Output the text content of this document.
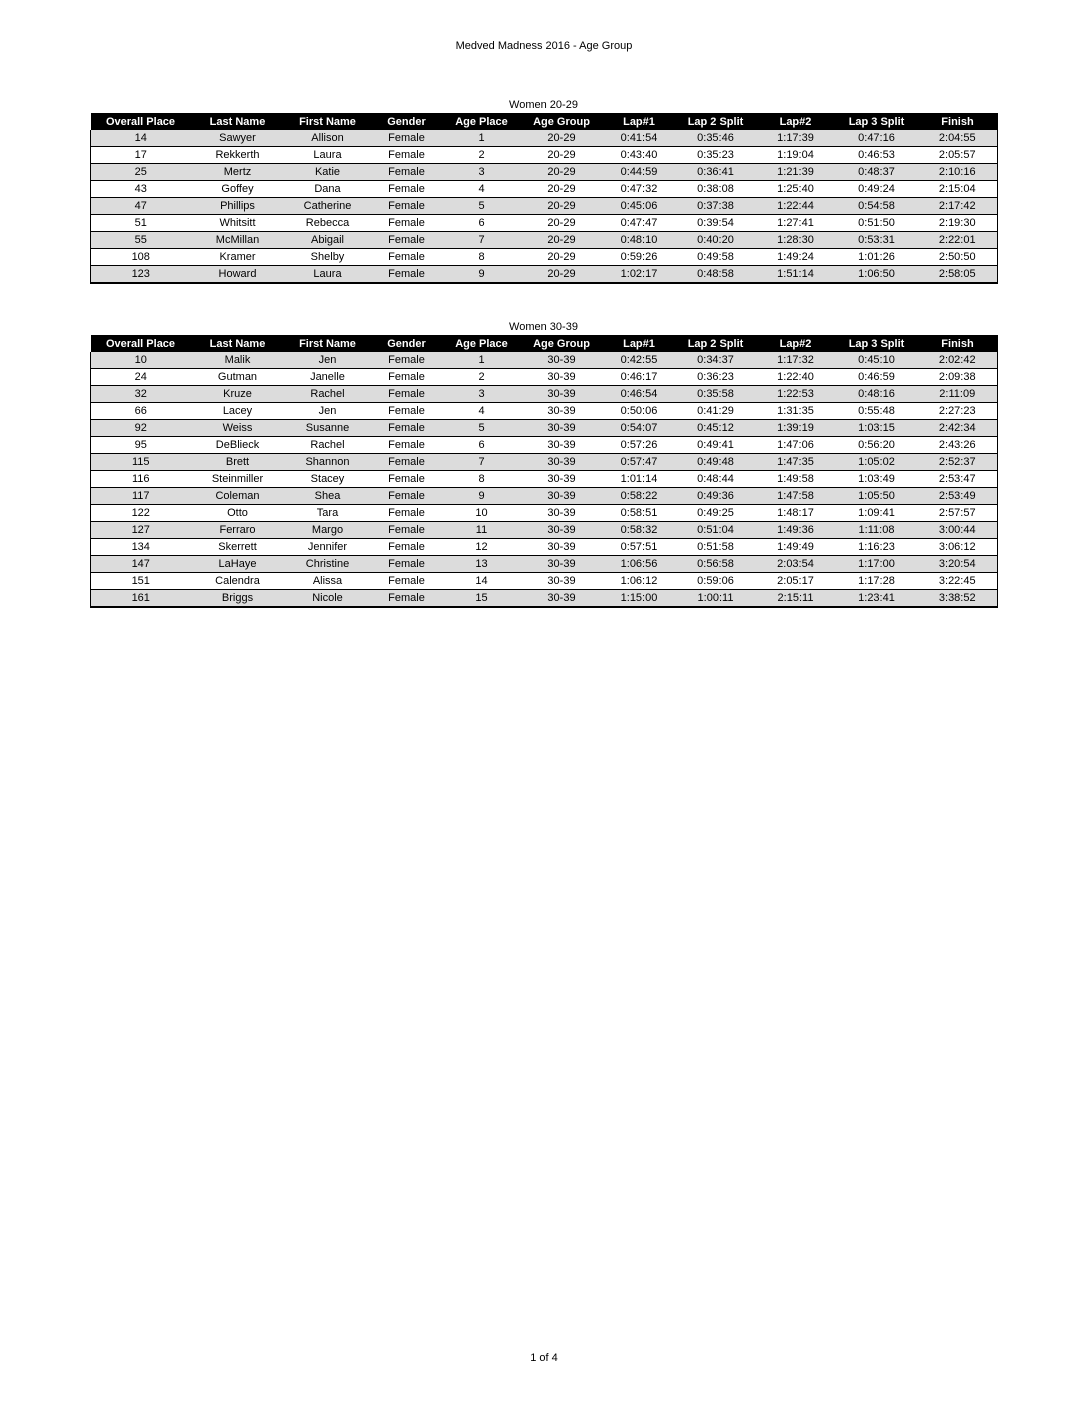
Medved Madness 2016 - Age Group
Women 20-29
Overall Place	Last Name	First Name	Gender	Age Place	Age Group	Lap#1	Lap 2 Split	Lap#2	Lap 3 Split	Finish
14	Sawyer	Allison	Female	1	20-29	0:41:54	0:35:46	1:17:39	0:47:16	2:04:55
17	Rekkerth	Laura	Female	2	20-29	0:43:40	0:35:23	1:19:04	0:46:53	2:05:57
25	Mertz	Katie	Female	3	20-29	0:44:59	0:36:41	1:21:39	0:48:37	2:10:16
43	Goffey	Dana	Female	4	20-29	0:47:32	0:38:08	1:25:40	0:49:24	2:15:04
47	Phillips	Catherine	Female	5	20-29	0:45:06	0:37:38	1:22:44	0:54:58	2:17:42
51	Whitsitt	Rebecca	Female	6	20-29	0:47:47	0:39:54	1:27:41	0:51:50	2:19:30
55	McMillan	Abigail	Female	7	20-29	0:48:10	0:40:20	1:28:30	0:53:31	2:22:01
108	Kramer	Shelby	Female	8	20-29	0:59:26	0:49:58	1:49:24	1:01:26	2:50:50
123	Howard	Laura	Female	9	20-29	1:02:17	0:48:58	1:51:14	1:06:50	2:58:05
Women 30-39
Overall Place	Last Name	First Name	Gender	Age Place	Age Group	Lap#1	Lap 2 Split	Lap#2	Lap 3 Split	Finish
10	Malik	Jen	Female	1	30-39	0:42:55	0:34:37	1:17:32	0:45:10	2:02:42
24	Gutman	Janelle	Female	2	30-39	0:46:17	0:36:23	1:22:40	0:46:59	2:09:38
32	Kruze	Rachel	Female	3	30-39	0:46:54	0:35:58	1:22:53	0:48:16	2:11:09
66	Lacey	Jen	Female	4	30-39	0:50:06	0:41:29	1:31:35	0:55:48	2:27:23
92	Weiss	Susanne	Female	5	30-39	0:54:07	0:45:12	1:39:19	1:03:15	2:42:34
95	DeBlieck	Rachel	Female	6	30-39	0:57:26	0:49:41	1:47:06	0:56:20	2:43:26
115	Brett	Shannon	Female	7	30-39	0:57:47	0:49:48	1:47:35	1:05:02	2:52:37
116	Steinmiller	Stacey	Female	8	30-39	1:01:14	0:48:44	1:49:58	1:03:49	2:53:47
117	Coleman	Shea	Female	9	30-39	0:58:22	0:49:36	1:47:58	1:05:50	2:53:49
122	Otto	Tara	Female	10	30-39	0:58:51	0:49:25	1:48:17	1:09:41	2:57:57
127	Ferraro	Margo	Female	11	30-39	0:58:32	0:51:04	1:49:36	1:11:08	3:00:44
134	Skerrett	Jennifer	Female	12	30-39	0:57:51	0:51:58	1:49:49	1:16:23	3:06:12
147	LaHaye	Christine	Female	13	30-39	1:06:56	0:56:58	2:03:54	1:17:00	3:20:54
151	Calendra	Alissa	Female	14	30-39	1:06:12	0:59:06	2:05:17	1:17:28	3:22:45
161	Briggs	Nicole	Female	15	30-39	1:15:00	1:00:11	2:15:11	1:23:41	3:38:52
1 of 4
